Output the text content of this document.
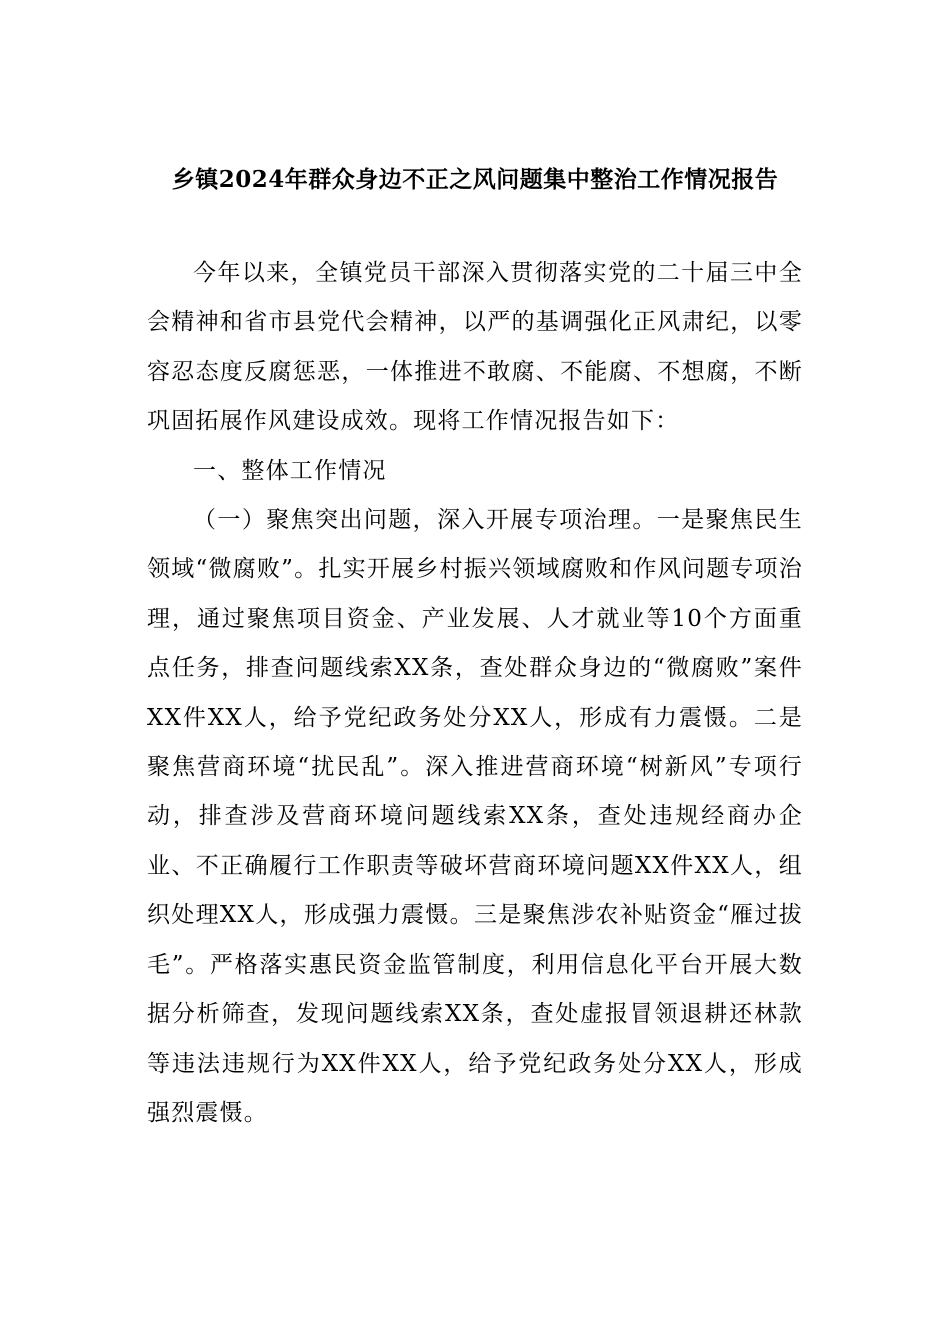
乡镇2024年群众身边不正之风问题集中整治工作情况报告

今年以来，全镇党员干部深入贯彻落实党的二十届三中全会精神和省市县党代会精神，以严的基调强化正风肃纪，以零容忍态度反腐惩恶，一体推进不敢腐、不能腐、不想腐，不断巩固拓展作风建设成效。现将工作情况报告如下：

一、整体工作情况

（一）聚焦突出问题，深入开展专项治理。一是聚焦民生领域“微腐败”。扎实开展乡村振兴领域腐败和作风问题专项治理，通过聚焦项目资金、产业发展、人才就业等10个方面重点任务，排查问题线索XX条，查处群众身边的“微腐败”案件XX件XX人，给予党纪政务处分XX人，形成有力震慑。二是聚焦营商环境“扰民乱”。深入推进营商环境“树新风”专项行动，排查涉及营商环境问题线索XX条，查处违规经商办企业、不正确履行工作职责等破坏营商环境问题XX件XX人，组织处理XX人，形成强力震慑。三是聚焦涉农补贴资金“雁过拔毛”。严格落实惠民资金监管制度，利用信息化平台开展大数据分析筛查，发现问题线索XX条，查处虚报冒领退耕还林款等违法违规行为XX件XX人，给予党纪政务处分XX人，形成强烈震慑。
